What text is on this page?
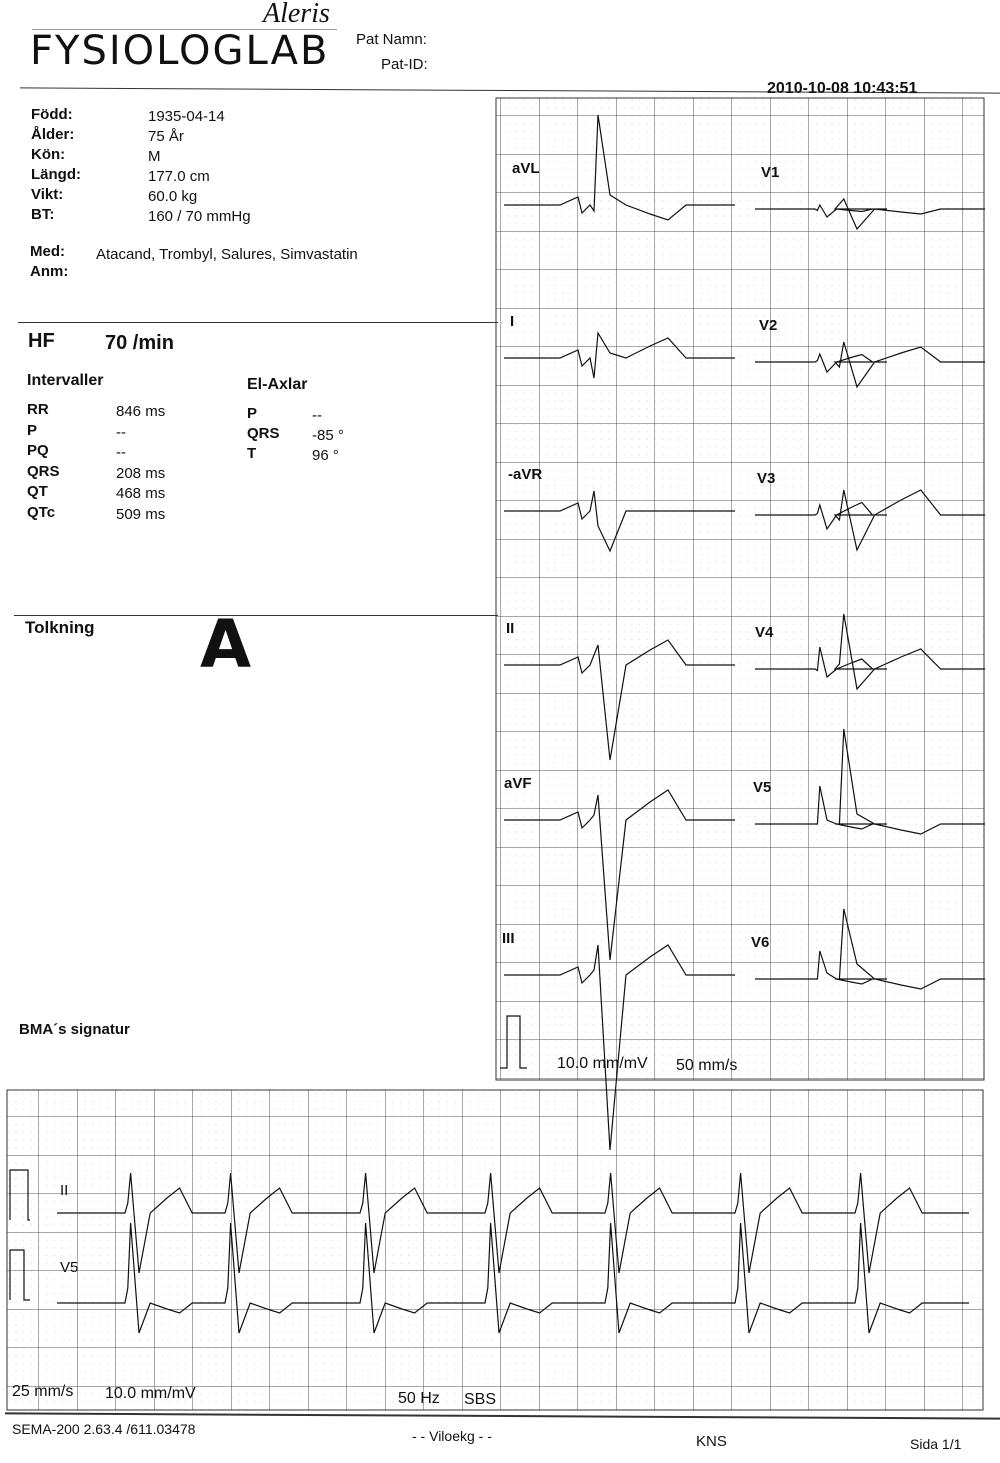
Aleris
FYSIOLOGLAB Pat Namn:
Pat-ID:
2010-10-08 10:43:51
Född:	1935-04-14
Ålder:	75 År
Kön:	M
Längd:	177.0 cm
Vikt:	60.0 kg
BT:	160 / 70 mmHg
Med: Atacand, Trombyl, Salures, Simvastatin
Anm:
HF	70 /min
Intervaller
RR	846 ms
P	--
PQ	--
QRS	208 ms
QT	468 ms
QTc	509 ms
El-Axlar
P	--
QRS -85 °
T	96 °
Tolkning A
BMA´s signatur
aVL
I
-aVR
II
aVF
III
V1
V2
V3
V4
V5
V6
10.0 mm/mV 50 mm/s
II
V5
25 mm/s 10.0 mm/mV	50 Hz SBS
SEMA-200 2.63.4 /611.03478	- - Viloekg - -	KNS	Sida 1/1
